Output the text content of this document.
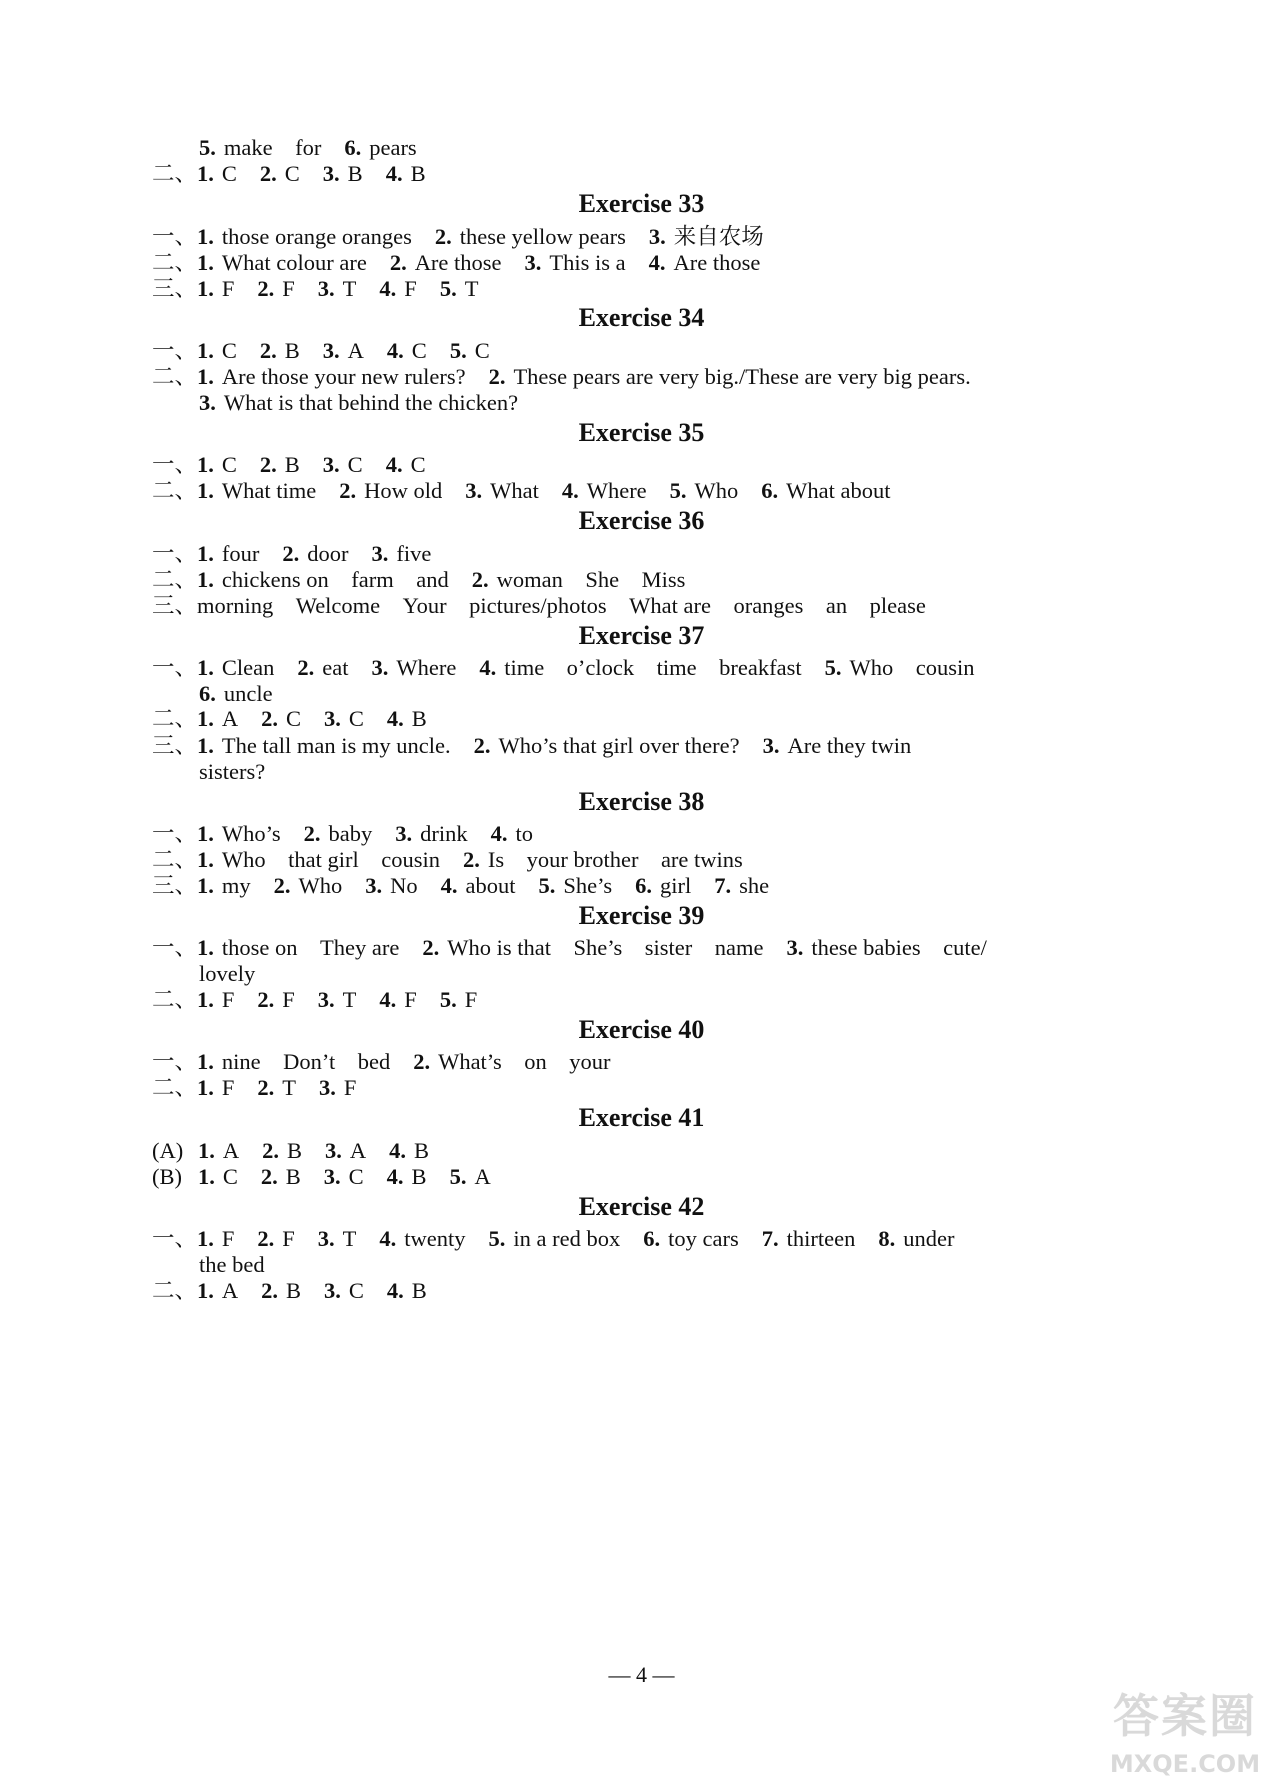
5. make　for 6. pears
二、1. C 2. C 3. B 4. B
Exercise 33
一、1. those orange oranges 2. these yellow pears 3. 来自农场
二、1. What colour are 2. Are those 3. This is a 4. Are those
三、1. F 2. F 3. T 4. F 5. T
Exercise 34
一、1. C 2. B 3. A 4. C 5. C
二、1. Are those your new rulers? 2. These pears are very big./These are very big pears.
3. What is that behind the chicken?
Exercise 35
一、1. C 2. B 3. C 4. C
二、1. What time 2. How old 3. What 4. Where 5. Who 6. What about
Exercise 36
一、1. four 2. door 3. five
二、1. chickens on　farm　and 2. woman　She　Miss
三、morning　Welcome　Your　pictures/photos　What are　oranges　an　please
Exercise 37
一、1. Clean 2. eat 3. Where 4. time　o’clock　time　breakfast 5. Who　cousin
6. uncle
二、1. A 2. C 3. C 4. B
三、1. The tall man is my uncle. 2. Who’s that girl over there? 3. Are they twin
sisters?
Exercise 38
一、1. Who’s 2. baby 3. drink 4. to
二、1. Who　that girl　cousin 2. Is　your brother　are twins
三、1. my 2. Who 3. No 4. about 5. She’s 6. girl 7. she
Exercise 39
一、1. those on　They are 2. Who is that　She’s　sister　name 3. these babies　cute/
lovely
二、1. F 2. F 3. T 4. F 5. F
Exercise 40
一、1. nine　Don’t　bed 2. What’s　on　your
二、1. F 2. T 3. F
Exercise 41
(A) 1. A 2. B 3. A 4. B
(B) 1. C 2. B 3. C 4. B 5. A
Exercise 42
一、1. F 2. F 3. T 4. twenty 5. in a red box 6. toy cars 7. thirteen 8. under
the bed
二、1. A 2. B 3. C 4. B
— 4 —
答案圈
MXQE.COM
